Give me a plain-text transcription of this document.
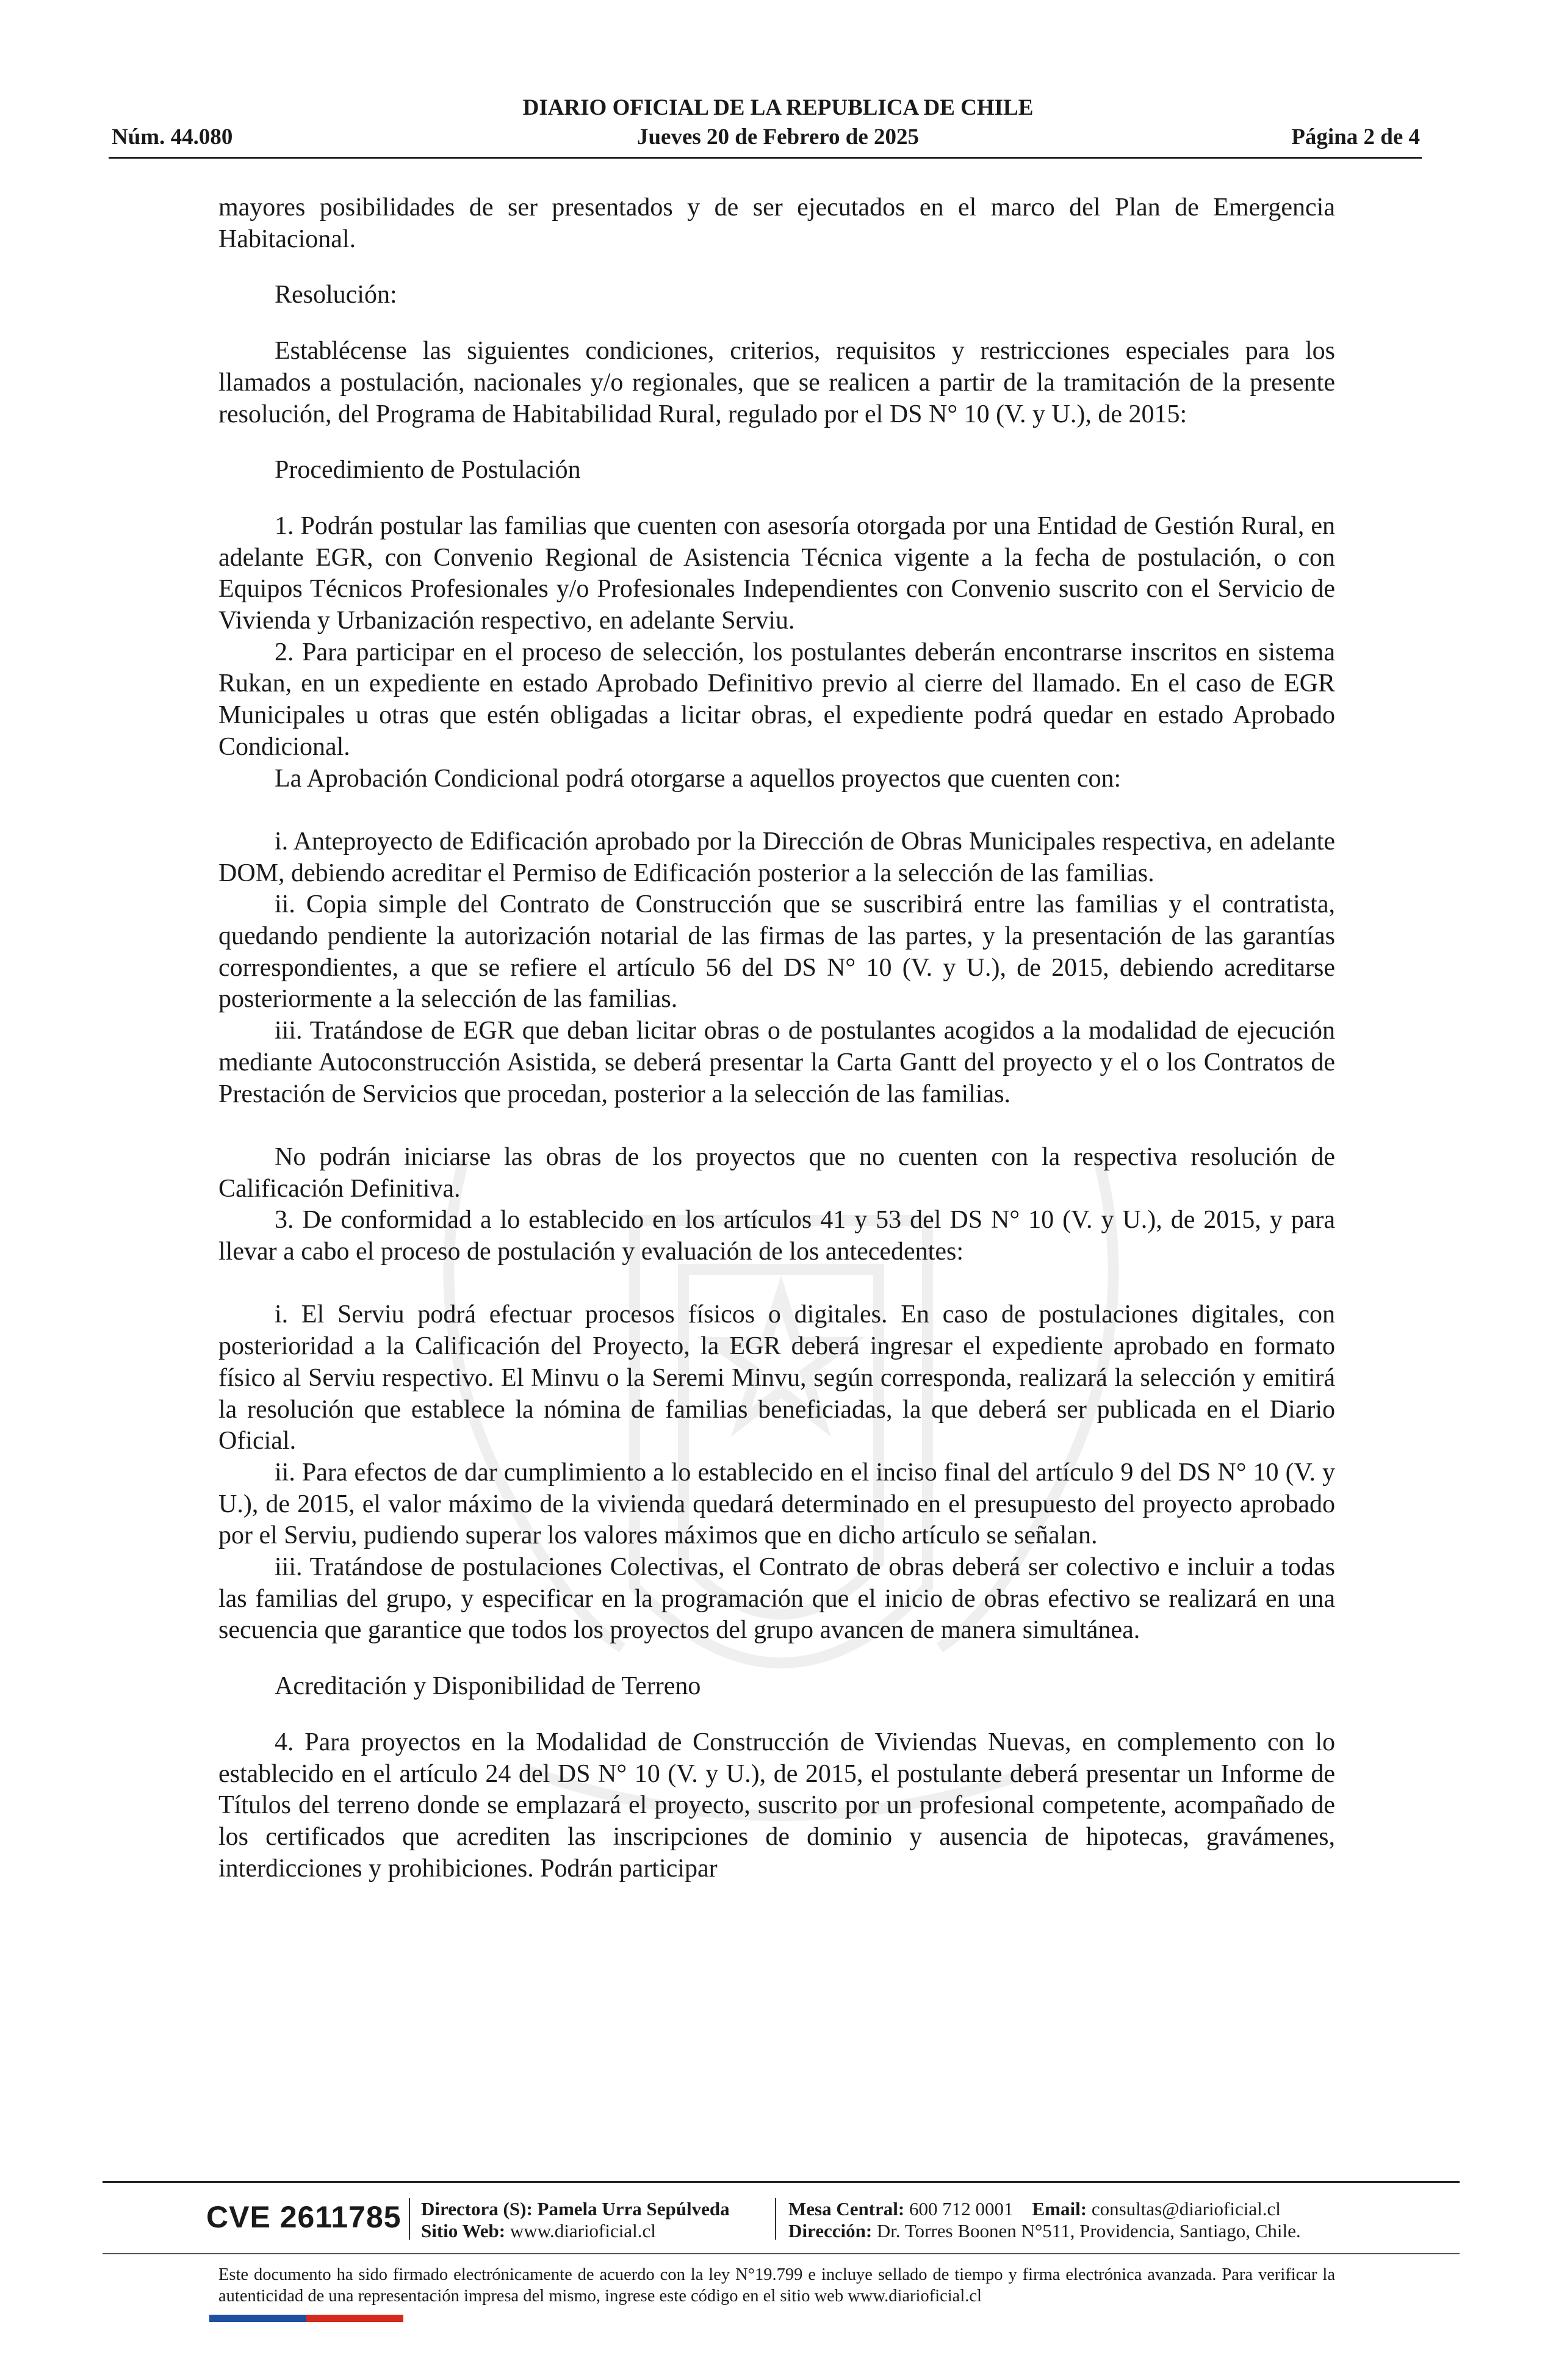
DIARIO OFICIAL DE LA REPUBLICA DE CHILE
Núm. 44.080	Jueves 20 de Febrero de 2025	Página 2 de 4

mayores posibilidades de ser presentados y de ser ejecutados en el marco del Plan de Emergencia Habitacional.

Resolución:

Establécense las siguientes condiciones, criterios, requisitos y restricciones especiales para los llamados a postulación, nacionales y/o regionales, que se realicen a partir de la tramitación de la presente resolución, del Programa de Habitabilidad Rural, regulado por el DS N° 10 (V. y U.), de 2015:

Procedimiento de Postulación

1. Podrán postular las familias que cuenten con asesoría otorgada por una Entidad de Gestión Rural, en adelante EGR, con Convenio Regional de Asistencia Técnica vigente a la fecha de postulación, o con Equipos Técnicos Profesionales y/o Profesionales Independientes con Convenio suscrito con el Servicio de Vivienda y Urbanización respectivo, en adelante Serviu.

2. Para participar en el proceso de selección, los postulantes deberán encontrarse inscritos en sistema Rukan, en un expediente en estado Aprobado Definitivo previo al cierre del llamado. En el caso de EGR Municipales u otras que estén obligadas a licitar obras, el expediente podrá quedar en estado Aprobado Condicional.

La Aprobación Condicional podrá otorgarse a aquellos proyectos que cuenten con:

i. Anteproyecto de Edificación aprobado por la Dirección de Obras Municipales respectiva, en adelante DOM, debiendo acreditar el Permiso de Edificación posterior a la selección de las familias.

ii. Copia simple del Contrato de Construcción que se suscribirá entre las familias y el contratista, quedando pendiente la autorización notarial de las firmas de las partes, y la presentación de las garantías correspondientes, a que se refiere el artículo 56 del DS N° 10 (V. y U.), de 2015, debiendo acreditarse posteriormente a la selección de las familias.

iii. Tratándose de EGR que deban licitar obras o de postulantes acogidos a la modalidad de ejecución mediante Autoconstrucción Asistida, se deberá presentar la Carta Gantt del proyecto y el o los Contratos de Prestación de Servicios que procedan, posterior a la selección de las familias.

No podrán iniciarse las obras de los proyectos que no cuenten con la respectiva resolución de Calificación Definitiva.

3. De conformidad a lo establecido en los artículos 41 y 53 del DS N° 10 (V. y U.), de 2015, y para llevar a cabo el proceso de postulación y evaluación de los antecedentes:

i. El Serviu podrá efectuar procesos físicos o digitales. En caso de postulaciones digitales, con posterioridad a la Calificación del Proyecto, la EGR deberá ingresar el expediente aprobado en formato físico al Serviu respectivo. El Minvu o la Seremi Minvu, según corresponda, realizará la selección y emitirá la resolución que establece la nómina de familias beneficiadas, la que deberá ser publicada en el Diario Oficial.

ii. Para efectos de dar cumplimiento a lo establecido en el inciso final del artículo 9 del DS N° 10 (V. y U.), de 2015, el valor máximo de la vivienda quedará determinado en el presupuesto del proyecto aprobado por el Serviu, pudiendo superar los valores máximos que en dicho artículo se señalan.

iii. Tratándose de postulaciones Colectivas, el Contrato de obras deberá ser colectivo e incluir a todas las familias del grupo, y especificar en la programación que el inicio de obras efectivo se realizará en una secuencia que garantice que todos los proyectos del grupo avancen de manera simultánea.

Acreditación y Disponibilidad de Terreno

4. Para proyectos en la Modalidad de Construcción de Viviendas Nuevas, en complemento con lo establecido en el artículo 24 del DS N° 10 (V. y U.), de 2015, el postulante deberá presentar un Informe de Títulos del terreno donde se emplazará el proyecto, suscrito por un profesional competente, acompañado de los certificados que acrediten las inscripciones de dominio y ausencia de hipotecas, gravámenes, interdicciones y prohibiciones. Podrán participar

CVE 2611785 Directora (S): Pamela Urra Sepúlveda
Sitio Web: www.diarioficial.cl
Mesa Central: 600 712 0001 Email: consultas@diarioficial.cl
Dirección: Dr. Torres Boonen N°511, Providencia, Santiago, Chile.
Este documento ha sido firmado electrónicamente de acuerdo con la ley N°19.799 e incluye sellado de tiempo y firma electrónica avanzada. Para verificar la autenticidad de una representación impresa del mismo, ingrese este código en el sitio web www.diarioficial.cl
